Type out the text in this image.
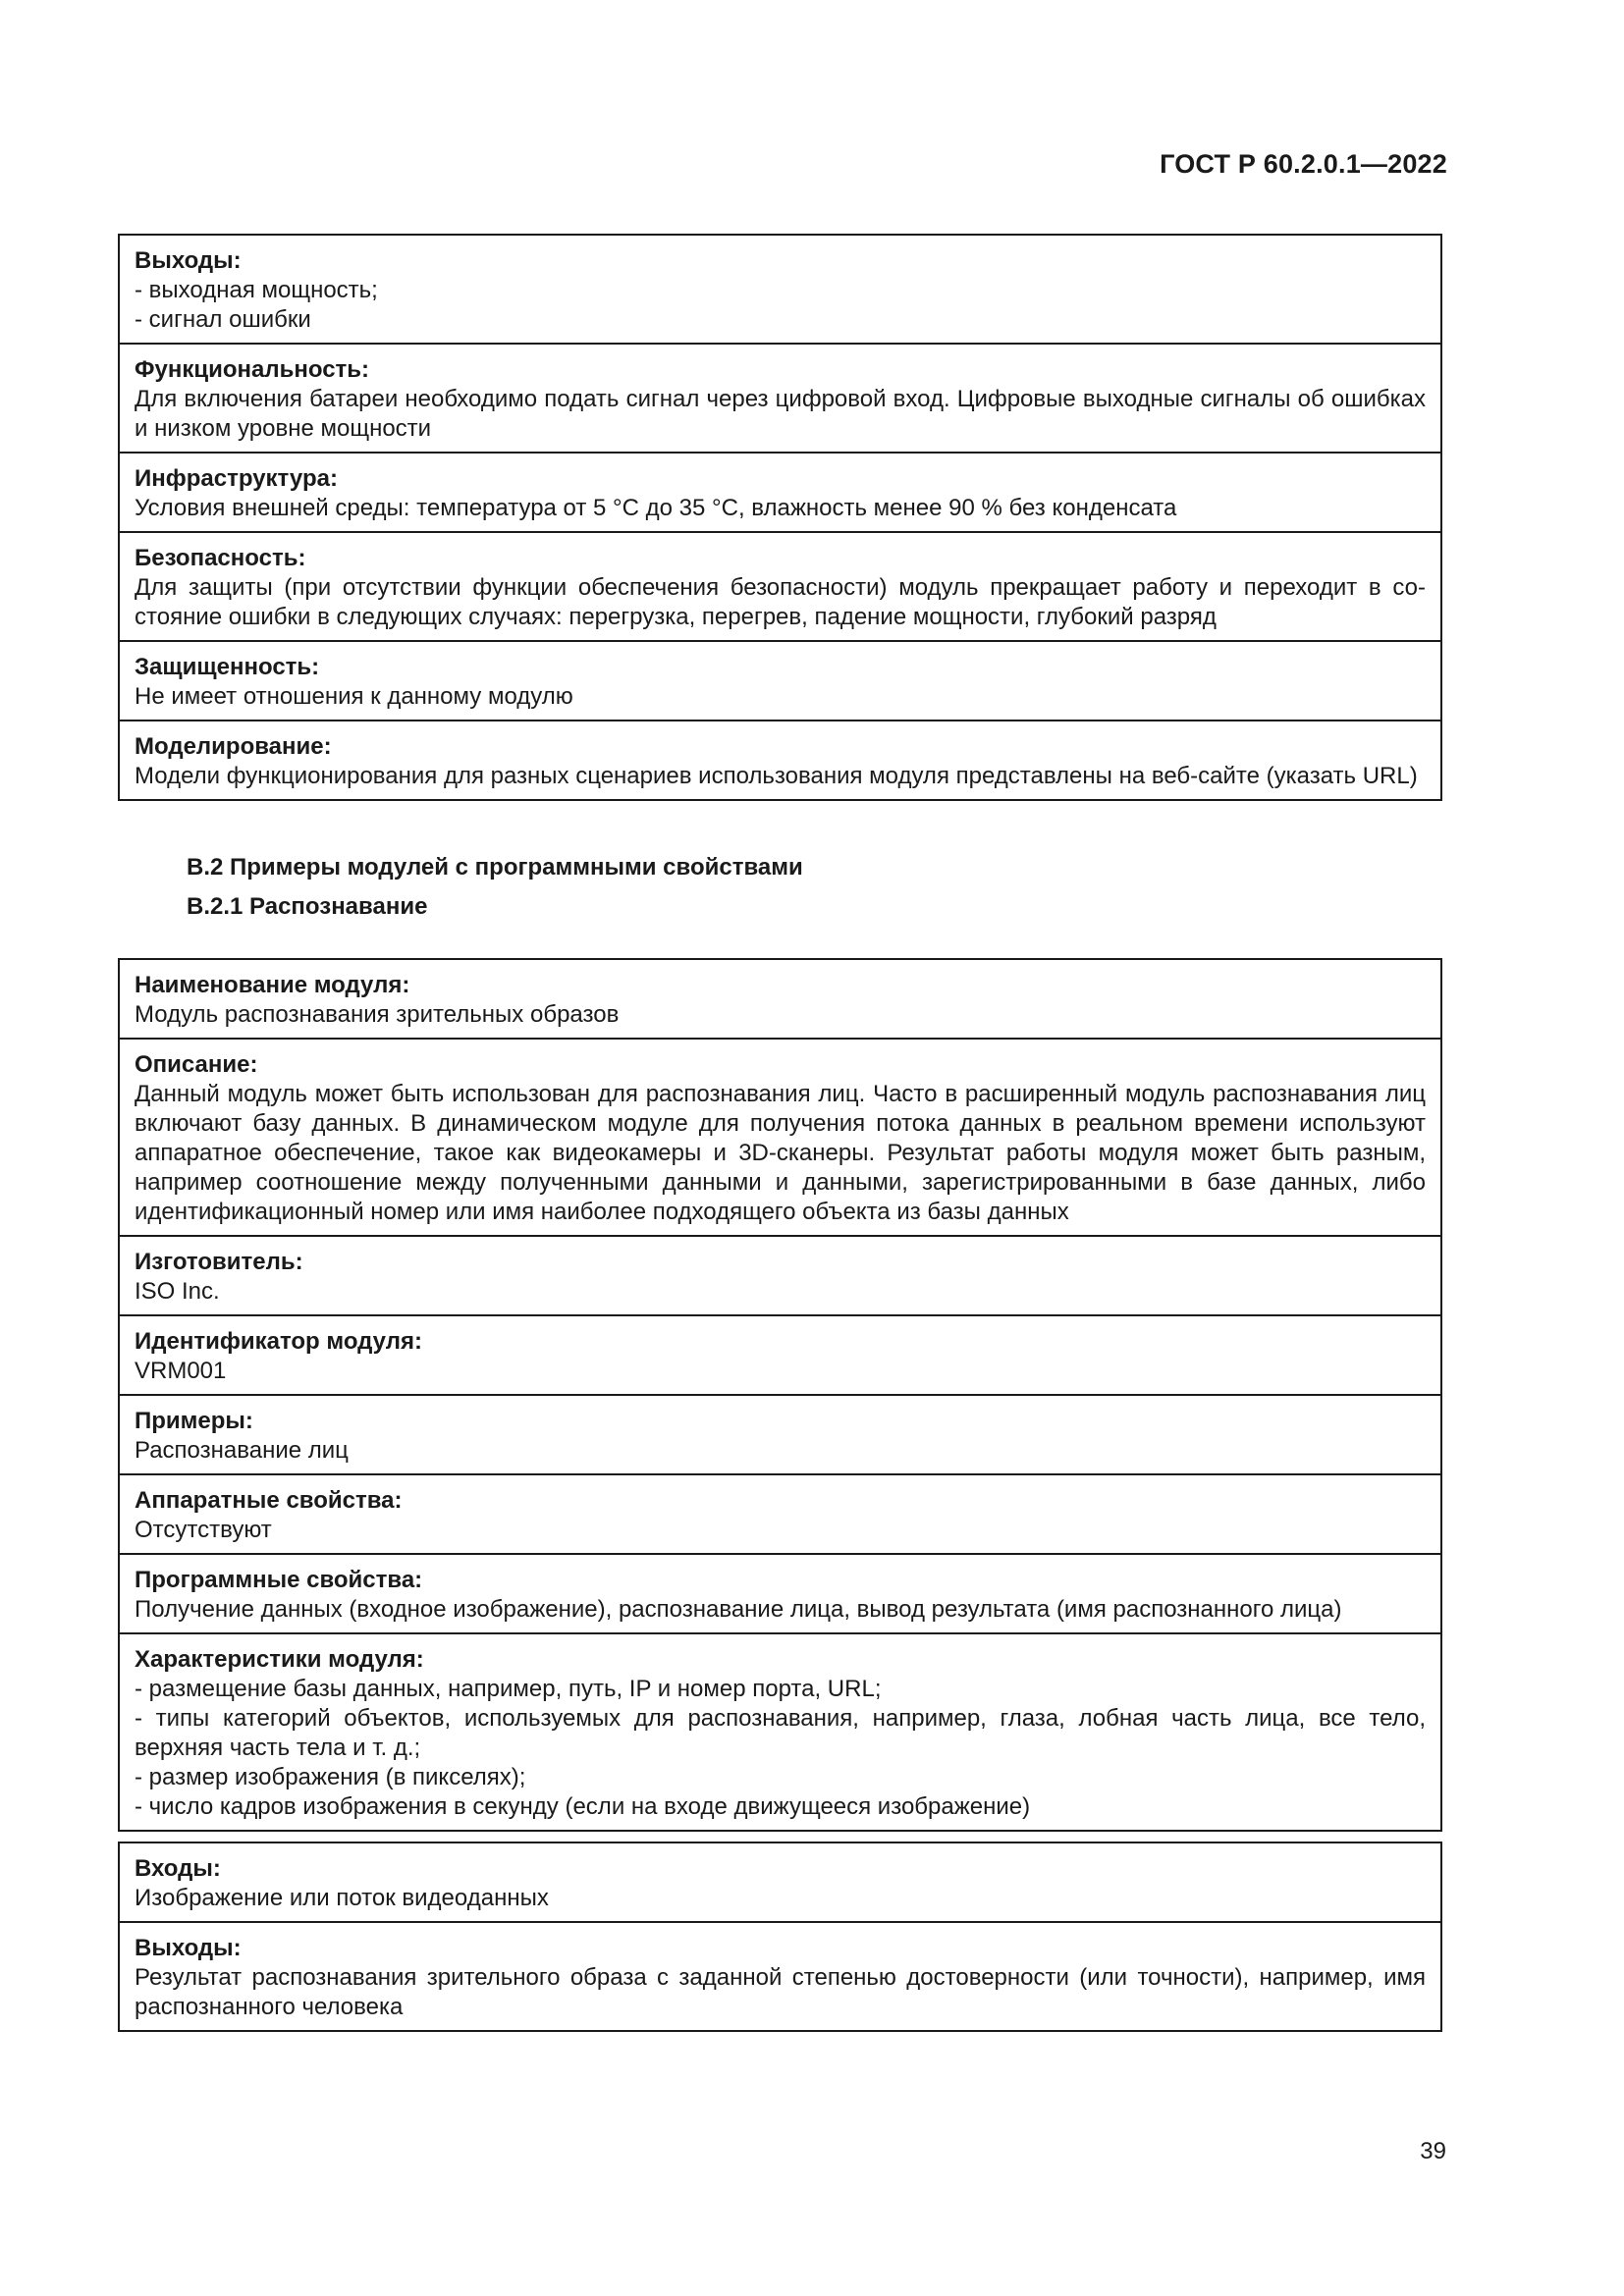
ГОСТ Р 60.2.0.1—2022
Выходы:
- выходная мощность;
- сигнал ошибки
Функциональность:
Для включения батареи необходимо подать сигнал через цифровой вход. Цифровые выходные сигналы об ошибках и низком уровне мощности
Инфраструктура:
Условия внешней среды: температура от 5 °С до 35 °С, влажность менее 90 % без конденсата
Безопасность:
Для защиты (при отсутствии функции обеспечения безопасности) модуль прекращает работу и переходит в состояние ошибки в следующих случаях: перегрузка, перегрев, падение мощности, глубокий разряд
Защищенность:
Не имеет отношения к данному модулю
Моделирование:
Модели функционирования для разных сценариев использования модуля представлены на веб-сайте (указать URL)
В.2 Примеры модулей с программными свойствами
В.2.1 Распознавание
Наименование модуля:
Модуль распознавания зрительных образов
Описание:
Данный модуль может быть использован для распознавания лиц. Часто в расширенный модуль распознавания лиц включают базу данных. В динамическом модуле для получения потока данных в реальном времени используют аппаратное обеспечение, такое как видеокамеры и 3D-сканеры. Результат работы модуля может быть разным, например соотношение между полученными данными и данными, зарегистрированными в базе данных, либо идентификационный номер или имя наиболее подходящего объекта из базы данных
Изготовитель:
ISO Inc.
Идентификатор модуля:
VRM001
Примеры:
Распознавание лиц
Аппаратные свойства:
Отсутствуют
Программные свойства:
Получение данных (входное изображение), распознавание лица, вывод результата (имя распознанного лица)
Характеристики модуля:
- размещение базы данных, например, путь, IP и номер порта, URL;
- типы категорий объектов, используемых для распознавания, например, глаза, лобная часть лица, все тело, верхняя часть тела и т. д.;
- размер изображения (в пикселях);
- число кадров изображения в секунду (если на входе движущееся изображение)
Входы:
Изображение или поток видеоданных
Выходы:
Результат распознавания зрительного образа с заданной степенью достоверности (или точности), например, имя распознанного человека
39
